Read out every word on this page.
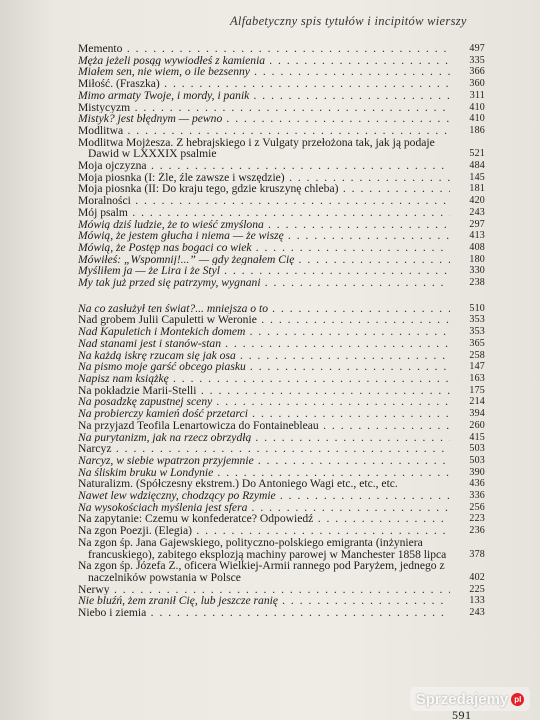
Alfabetyczny spis tytułów i incipitów wierszy
Memento . . .	497
Męża jeżeli posąg wywiodłeś z kamienia . . .	335
Miałem sen, nie wiem, o ile bezsenny . . .	366
Miłość. (Fraszka) . . .	360
Mimo armaty Twoje, i mordy, i panik . . .	311
Mistycyzm . . .	410
Mistyk? jest błędnym — pewno . . .	410
Modlitwa . . .	186
Modlitwa Mojżesza. Z hebrajskiego i z Vulgaty przełożona tak, jak ją podaje Dawid w LXXXIX psalmie	521
Moja ojczyzna . . .	484
Moja piosnka (I: Źle, źle zawsze i wszędzie) . . .	145
Moja piosnka (II: Do kraju tego, gdzie kruszynę chleba) . . .	181
Moralności . . .	420
Mój psalm . . .	243
Mówią dziś ludzie, że to wieść zmyślona . . .	297
Mówią, że jestem głucha i niema — że wiszę . . .	413
Mówią, że Postęp nas bogaci co wiek . . .	408
Mówiłeś: „Wspomnij!...” — gdy żegnałem Cię . . .	180
Myśliłem ja — że Lira i że Styl . . .	330
My tak już przed się patrzymy, wygnani . . .	238
Na co zasłużył ten świat?... mniejsza o to . . .	510
Nad grobem Julii Capuletti w Weronie . . .	353
Nad Kapuletich i Montekich domem . . .	353
Nad stanami jest i stanów-stan . . .	365
Na każdą iskrę rzucam się jak osa . . .	258
Na pismo moje garść obcego piasku . . .	147
Napisz nam książkę . . .	163
Na pokładzie Marii-Stelli . . .	175
Na posadzkę zapustnej sceny . . .	214
Na probierczy kamień dość przetarci . . .	394
Na przyjazd Teofila Lenartowicza do Fontainebleau . . .	260
Na purytanizm, jak na rzecz obrzydłą . . .	415
Narcyz . . .	503
Narcyz, w siebie wpatrzon przyjemnie . . .	503
Na śliskim bruku w Londynie . . .	390
Naturalizm. (Spółczesny ekstrem.) Do Antoniego Wagi etc., etc., etc.	436
Nawet lew wdzięczny, chodzący po Rzymie . . .	336
Na wysokościach myślenia jest sfera . . .	256
Na zapytanie: Czemu w konfederatce? Odpowiedź . . .	223
Na zgon Poezji. (Elegia) . . .	236
Na zgon śp. Jana Gajewskiego, polityczno-polskiego emigranta (inżyniera francuskiego), zabitego eksplozją machiny parowej w Manchester 1858 lipca	378
Na zgon śp. Józefa Z., oficera Wielkiej-Armii rannego pod Paryżem, jednego z naczelników powstania w Polsce	402
Nerwy . . .	225
Nie bluźń, żem zranił Cię, lub jeszcze ranię . . .	133
Niebo i ziemia . . .	243
591
Sprzedajemy pl
